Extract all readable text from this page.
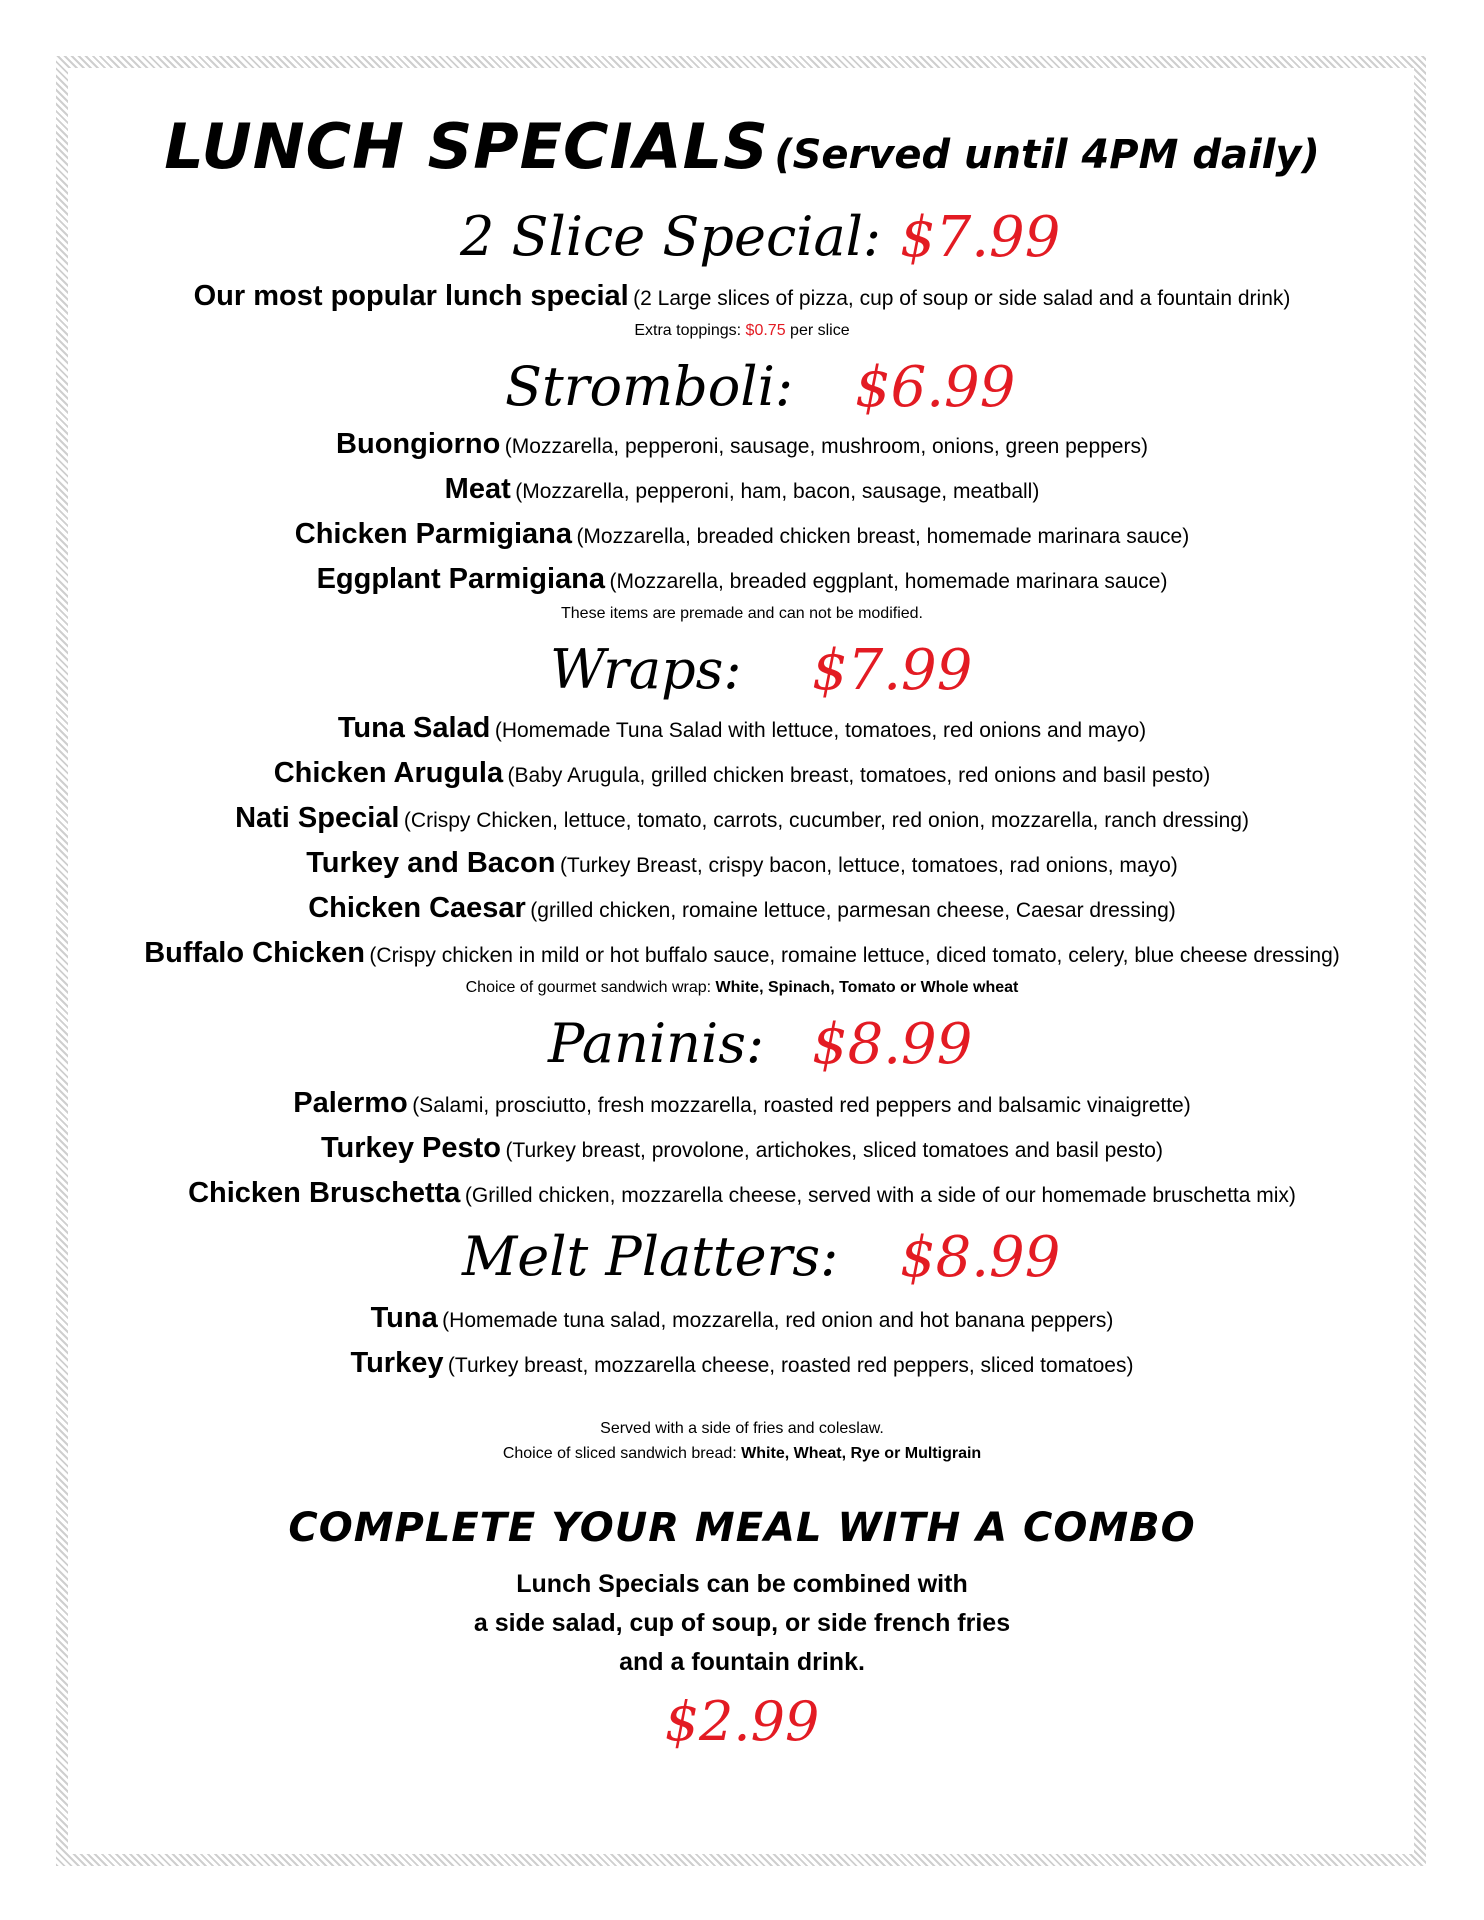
LUNCH SPECIALS (Served until 4PM daily)
2 Slice Special: $7.99
Our most popular lunch special (2 Large slices of pizza, cup of soup or side salad and a fountain drink)
Extra toppings: $0.75 per slice
Stromboli: $6.99
Buongiorno (Mozzarella, pepperoni, sausage, mushroom, onions, green peppers)
Meat (Mozzarella, pepperoni, ham, bacon, sausage, meatball)
Chicken Parmigiana (Mozzarella, breaded chicken breast, homemade marinara sauce)
Eggplant Parmigiana (Mozzarella, breaded eggplant, homemade marinara sauce)
These items are premade and can not be modified.
Wraps: $7.99
Tuna Salad (Homemade Tuna Salad with lettuce, tomatoes, red onions and mayo)
Chicken Arugula (Baby Arugula, grilled chicken breast, tomatoes, red onions and basil pesto)
Nati Special (Crispy Chicken, lettuce, tomato, carrots, cucumber, red onion, mozzarella, ranch dressing)
Turkey and Bacon (Turkey Breast, crispy bacon, lettuce, tomatoes, rad onions, mayo)
Chicken Caesar (grilled chicken, romaine lettuce, parmesan cheese, Caesar dressing)
Buffalo Chicken (Crispy chicken in mild or hot buffalo sauce, romaine lettuce, diced tomato, celery, blue cheese dressing)
Choice of gourmet sandwich wrap: White, Spinach, Tomato or Whole wheat
Paninis: $8.99
Palermo (Salami, prosciutto, fresh mozzarella, roasted red peppers and balsamic vinaigrette)
Turkey Pesto (Turkey breast, provolone, artichokes, sliced tomatoes and basil pesto)
Chicken Bruschetta (Grilled chicken, mozzarella cheese, served with a side of our homemade bruschetta mix)
Melt Platters: $8.99
Tuna (Homemade tuna salad, mozzarella, red onion and hot banana peppers)
Turkey (Turkey breast, mozzarella cheese, roasted red peppers, sliced tomatoes)
Served with a side of fries and coleslaw.
Choice of sliced sandwich bread: White, Wheat, Rye or Multigrain
COMPLETE YOUR MEAL WITH A COMBO
Lunch Specials can be combined with
a side salad, cup of soup, or side french fries
and a fountain drink.
$2.99
